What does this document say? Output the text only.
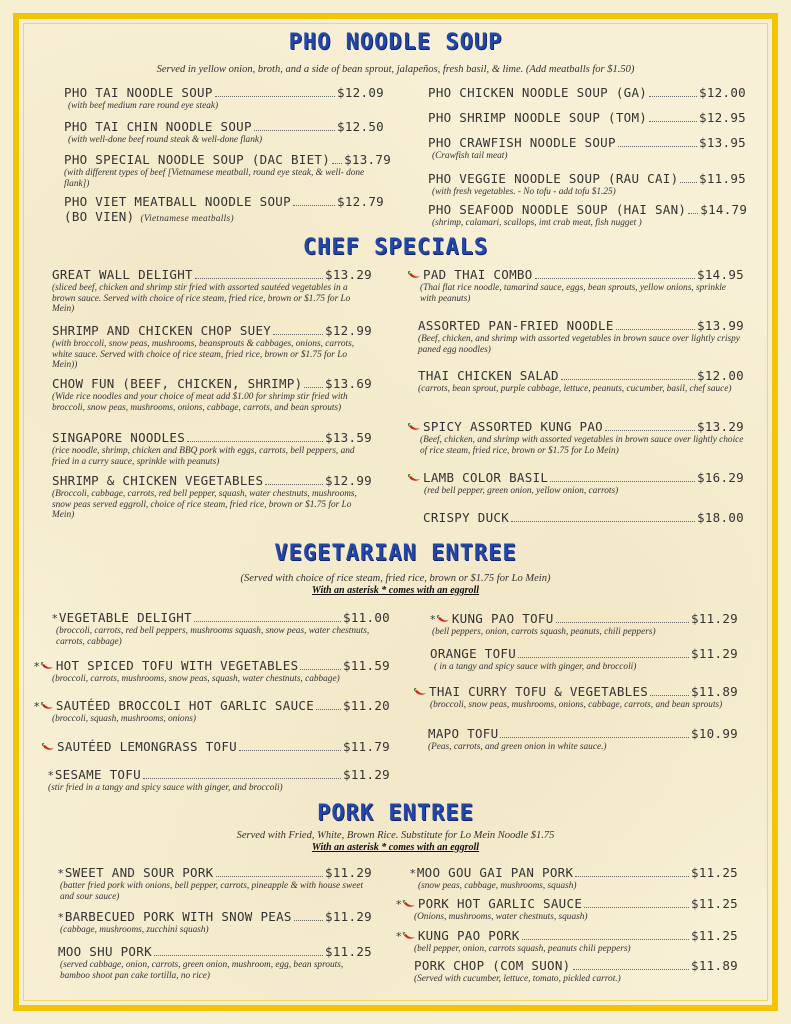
PHO NOODLE SOUP
Served in yellow onion, broth, and a side of bean sprout, jalapeños, fresh basil, & lime. (Add meatballs for $1.50)
PHO TAI NOODLE SOUP	$12.09
(with beef medium rare round eye steak)
PHO TAI CHIN NOODLE SOUP	$12.50
(with well-done beef round steak & well-done flank)
PHO SPECIAL NOODLE SOUP (DAC BIET) $13.79
(with different types of beef [Vietnamese meatball, round eye steak, & well- done flank])
PHO VIET MEATBALL NOODLE SOUP	$12.79
(BO VIEN) (Vietnamese meatballs)
PHO CHICKEN NOODLE SOUP (GA)	$12.00
PHO SHRIMP NOODLE SOUP (TOM)	$12.95
PHO CRAWFISH NOODLE SOUP	$13.95
(Crawfish tail meat)
PHO VEGGIE NOODLE SOUP (RAU CAI) $11.95
(with fresh vegetables. - No tofu - add tofu $1.25)
PHO SEAFOOD NOODLE SOUP (HAI SAN) $14.79
(shrimp, calamari, scallops, imt crab meat, fish nugget )
CHEF SPECIALS
GREAT WALL DELIGHT	$13.29
(sliced beef, chicken and shrimp stir fried with assorted sautéed vegetables in a brown sauce. Served with choice of rice steam, fried rice, brown or $1.75 for Lo Mein)
SHRIMP AND CHICKEN CHOP SUEY	$12.99
(with broccoli, snow peas, mushrooms, beansprouts & cabbages, onions, carrots, white sauce. Served with choice of rice steam, fried rice, brown or $1.75 for Lo Mein))
CHOW FUN (BEEF, CHICKEN, SHRIMP) $13.69
(Wide rice noodles and your choice of meat add $1.00 for shrimp stir fried with broccoli, snow peas, mushrooms, onions, cabbage, carrots, and bean sprouts)
SINGAPORE NOODLES	$13.59
(rice noodle, shrimp, chicken and BBQ pork with eggs, carrots, bell peppers, and fried in a curry sauce, sprinkle with peanuts)
SHRIMP & CHICKEN VEGETABLES	$12.99
(Broccoli, cabbage, carrots, red bell pepper, squash, water chestnuts, mushrooms, snow peas served eggroll, choice of rice steam, fried rice, brown or $1.75 for Lo Mein)
PAD THAI COMBO	$14.95
(Thai flat rice noodle, tamarind sauce, eggs, bean sprouts, yellow onions, sprinkle with peanuts)
ASSORTED PAN-FRIED NOODLE	$13.99
(Beef, chicken, and shrimp with assorted vegetables in brown sauce over lightly crispy paned egg noodles)
THAI CHICKEN SALAD	$12.00
(carrots, bean sprout, purple cabbage, lettuce, peanuts, cucumber, basil, chef sauce)
SPICY ASSORTED KUNG PAO	$13.29
(Beef, chicken, and shrimp with assorted vegetables in brown sauce over lightly choice of rice steam, fried rice, brown or $1.75 for Lo Mein)
LAMB COLOR BASIL	$16.29
(red bell pepper, green onion, yellow onion, carrots)
CRISPY DUCK	$18.00
VEGETARIAN ENTREE
(Served with choice of rice steam, fried rice, brown or $1.75 for Lo Mein)
With an asterisk * comes with an eggroll
* VEGETABLE DELIGHT	$11.00
(broccoli, carrots, red bell peppers, mushrooms squash, snow peas, water chestnuts, carrots, cabbage)
* HOT SPICED TOFU WITH VEGETABLES	$11.59
(broccoli, carrots, mushrooms, snow peas, squash, water chestnuts, cabbage)
* SAUTÉED BROCCOLI HOT GARLIC SAUCE $11.20
(broccoli, squash, mushrooms, onions)
SAUTÉED LEMONGRASS TOFU	$11.79
* SESAME TOFU	$11.29
(stir fried in a tangy and spicy sauce with ginger, and broccoli)
* KUNG PAO TOFU	$11.29
(bell peppers, onion, carrots squash, peanuts, chili peppers)
ORANGE TOFU	$11.29
( in a tangy and spicy sauce with ginger, and broccoli)
THAI CURRY TOFU & VEGETABLES	$11.89
(broccoli, snow peas, mushrooms, onions, cabbage, carrots, and bean sprouts)
MAPO TOFU	$10.99
(Peas, carrots, and green onion in white sauce.)
PORK ENTREE
Served with Fried, White, Brown Rice. Substitute for Lo Mein Noodle $1.75
With an asterisk * comes with an eggroll
* SWEET AND SOUR PORK	$11.29
(batter fried pork with onions, bell pepper, carrots, pineapple & with house sweet and sour sauce)
* BARBECUED PORK WITH SNOW PEAS	$11.29
(cabbage, mushrooms, zucchini squash)
MOO SHU PORK	$11.25
(served cabbage, onion, carrots, green onion, mushroom, egg, bean sprouts, bamboo shoot pan cake tortilla, no rice)
* MOO GOU GAI PAN PORK	$11.25
(snow peas, cabbage, mushrooms, squash)
* PORK HOT GARLIC SAUCE	$11.25
(Onions, mushrooms, water chestnuts, squash)
* KUNG PAO PORK	$11.25
(bell pepper, onion, carrots squash, peanuts chili peppers)
PORK CHOP (COM SUON)	$11.89
(Served with cucumber, lettuce, tomato, pickled carrot.)
